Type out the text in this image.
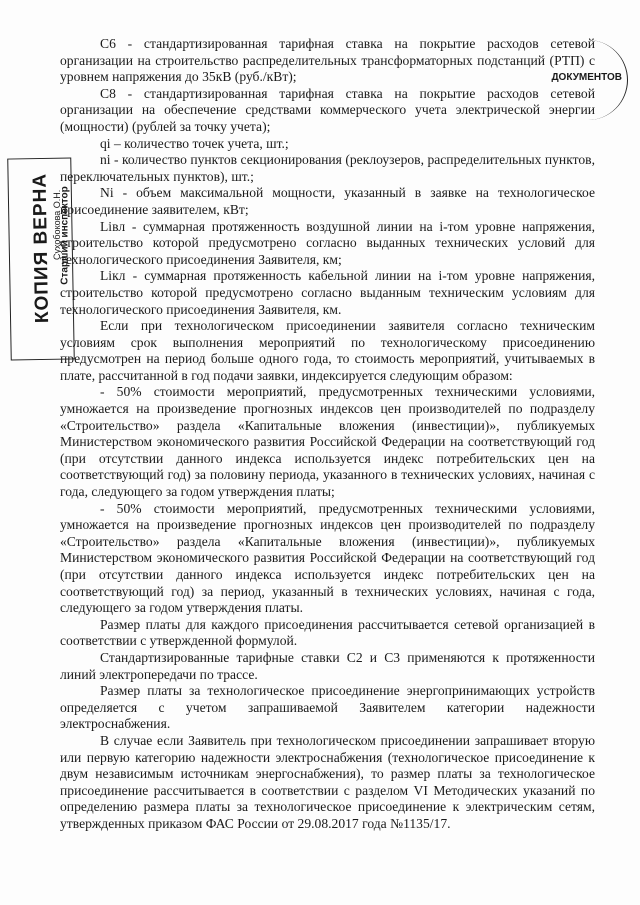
ДОКУМЕНТОВ
КОПИЯ ВЕРНА Старший инспектор
Сухобокова О.Н.

С6 - стандартизированная тарифная ставка на покрытие расходов сетевой организации на строительство распределительных трансформаторных подстанций (РТП) с уровнем напряжения до 35кВ (руб./кВт);

С8 - стандартизированная тарифная ставка на покрытие расходов сетевой организации на обеспечение средствами коммерческого учета электрической энергии (мощности) (рублей за точку учета);

qi – количество точек учета, шт.;

ni - количество пунктов секционирования (реклоузеров, распределительных пунктов, переключательных пунктов), шт.;

Ni - объем максимальной мощности, указанный в заявке на технологическое присоединение заявителем, кВт;

Liвл - суммарная протяженность воздушной линии на i-том уровне напряжения, строительство которой предусмотрено согласно выданных технических условий для технологического присоединения Заявителя, км;

Liкл - суммарная протяженность кабельной линии на i-том уровне напряжения, строительство которой предусмотрено согласно выданным техническим условиям для технологического присоединения Заявителя, км.

Если при технологическом присоединении заявителя согласно техническим условиям срок выполнения мероприятий по технологическому присоединению предусмотрен на период больше одного года, то стоимость мероприятий, учитываемых в плате, рассчитанной в год подачи заявки, индексируется следующим образом:

- 50% стоимости мероприятий, предусмотренных техническими условиями, умножается на произведение прогнозных индексов цен производителей по подразделу «Строительство» раздела «Капитальные вложения (инвестиции)», публикуемых Министерством экономического развития Российской Федерации на соответствующий год (при отсутствии данного индекса используется индекс потребительских цен на соответствующий год) за половину периода, указанного в технических условиях, начиная с года, следующего за годом утверждения платы;

- 50% стоимости мероприятий, предусмотренных техническими условиями, умножается на произведение прогнозных индексов цен производителей по подразделу «Строительство» раздела «Капитальные вложения (инвестиции)», публикуемых Министерством экономического развития Российской Федерации на соответствующий год (при отсутствии данного индекса используется индекс потребительских цен на соответствующий год) за период, указанный в технических условиях, начиная с года, следующего за годом утверждения платы.

Размер платы для каждого присоединения рассчитывается сетевой организацией в соответствии с утвержденной формулой.

Стандартизированные тарифные ставки С2 и С3 применяются к протяженности линий электропередачи по трассе.

Размер платы за технологическое присоединение энергопринимающих устройств определяется с учетом запрашиваемой Заявителем категории надежности электроснабжения.

В случае если Заявитель при технологическом присоединении запрашивает вторую или первую категорию надежности электроснабжения (технологическое присоединение к двум независимым источникам энергоснабжения), то размер платы за технологическое присоединение рассчитывается в соответствии с разделом VI Методических указаний по определению размера платы за технологическое присоединение к электрическим сетям, утвержденных приказом ФАС России от 29.08.2017 года №1135/17.
